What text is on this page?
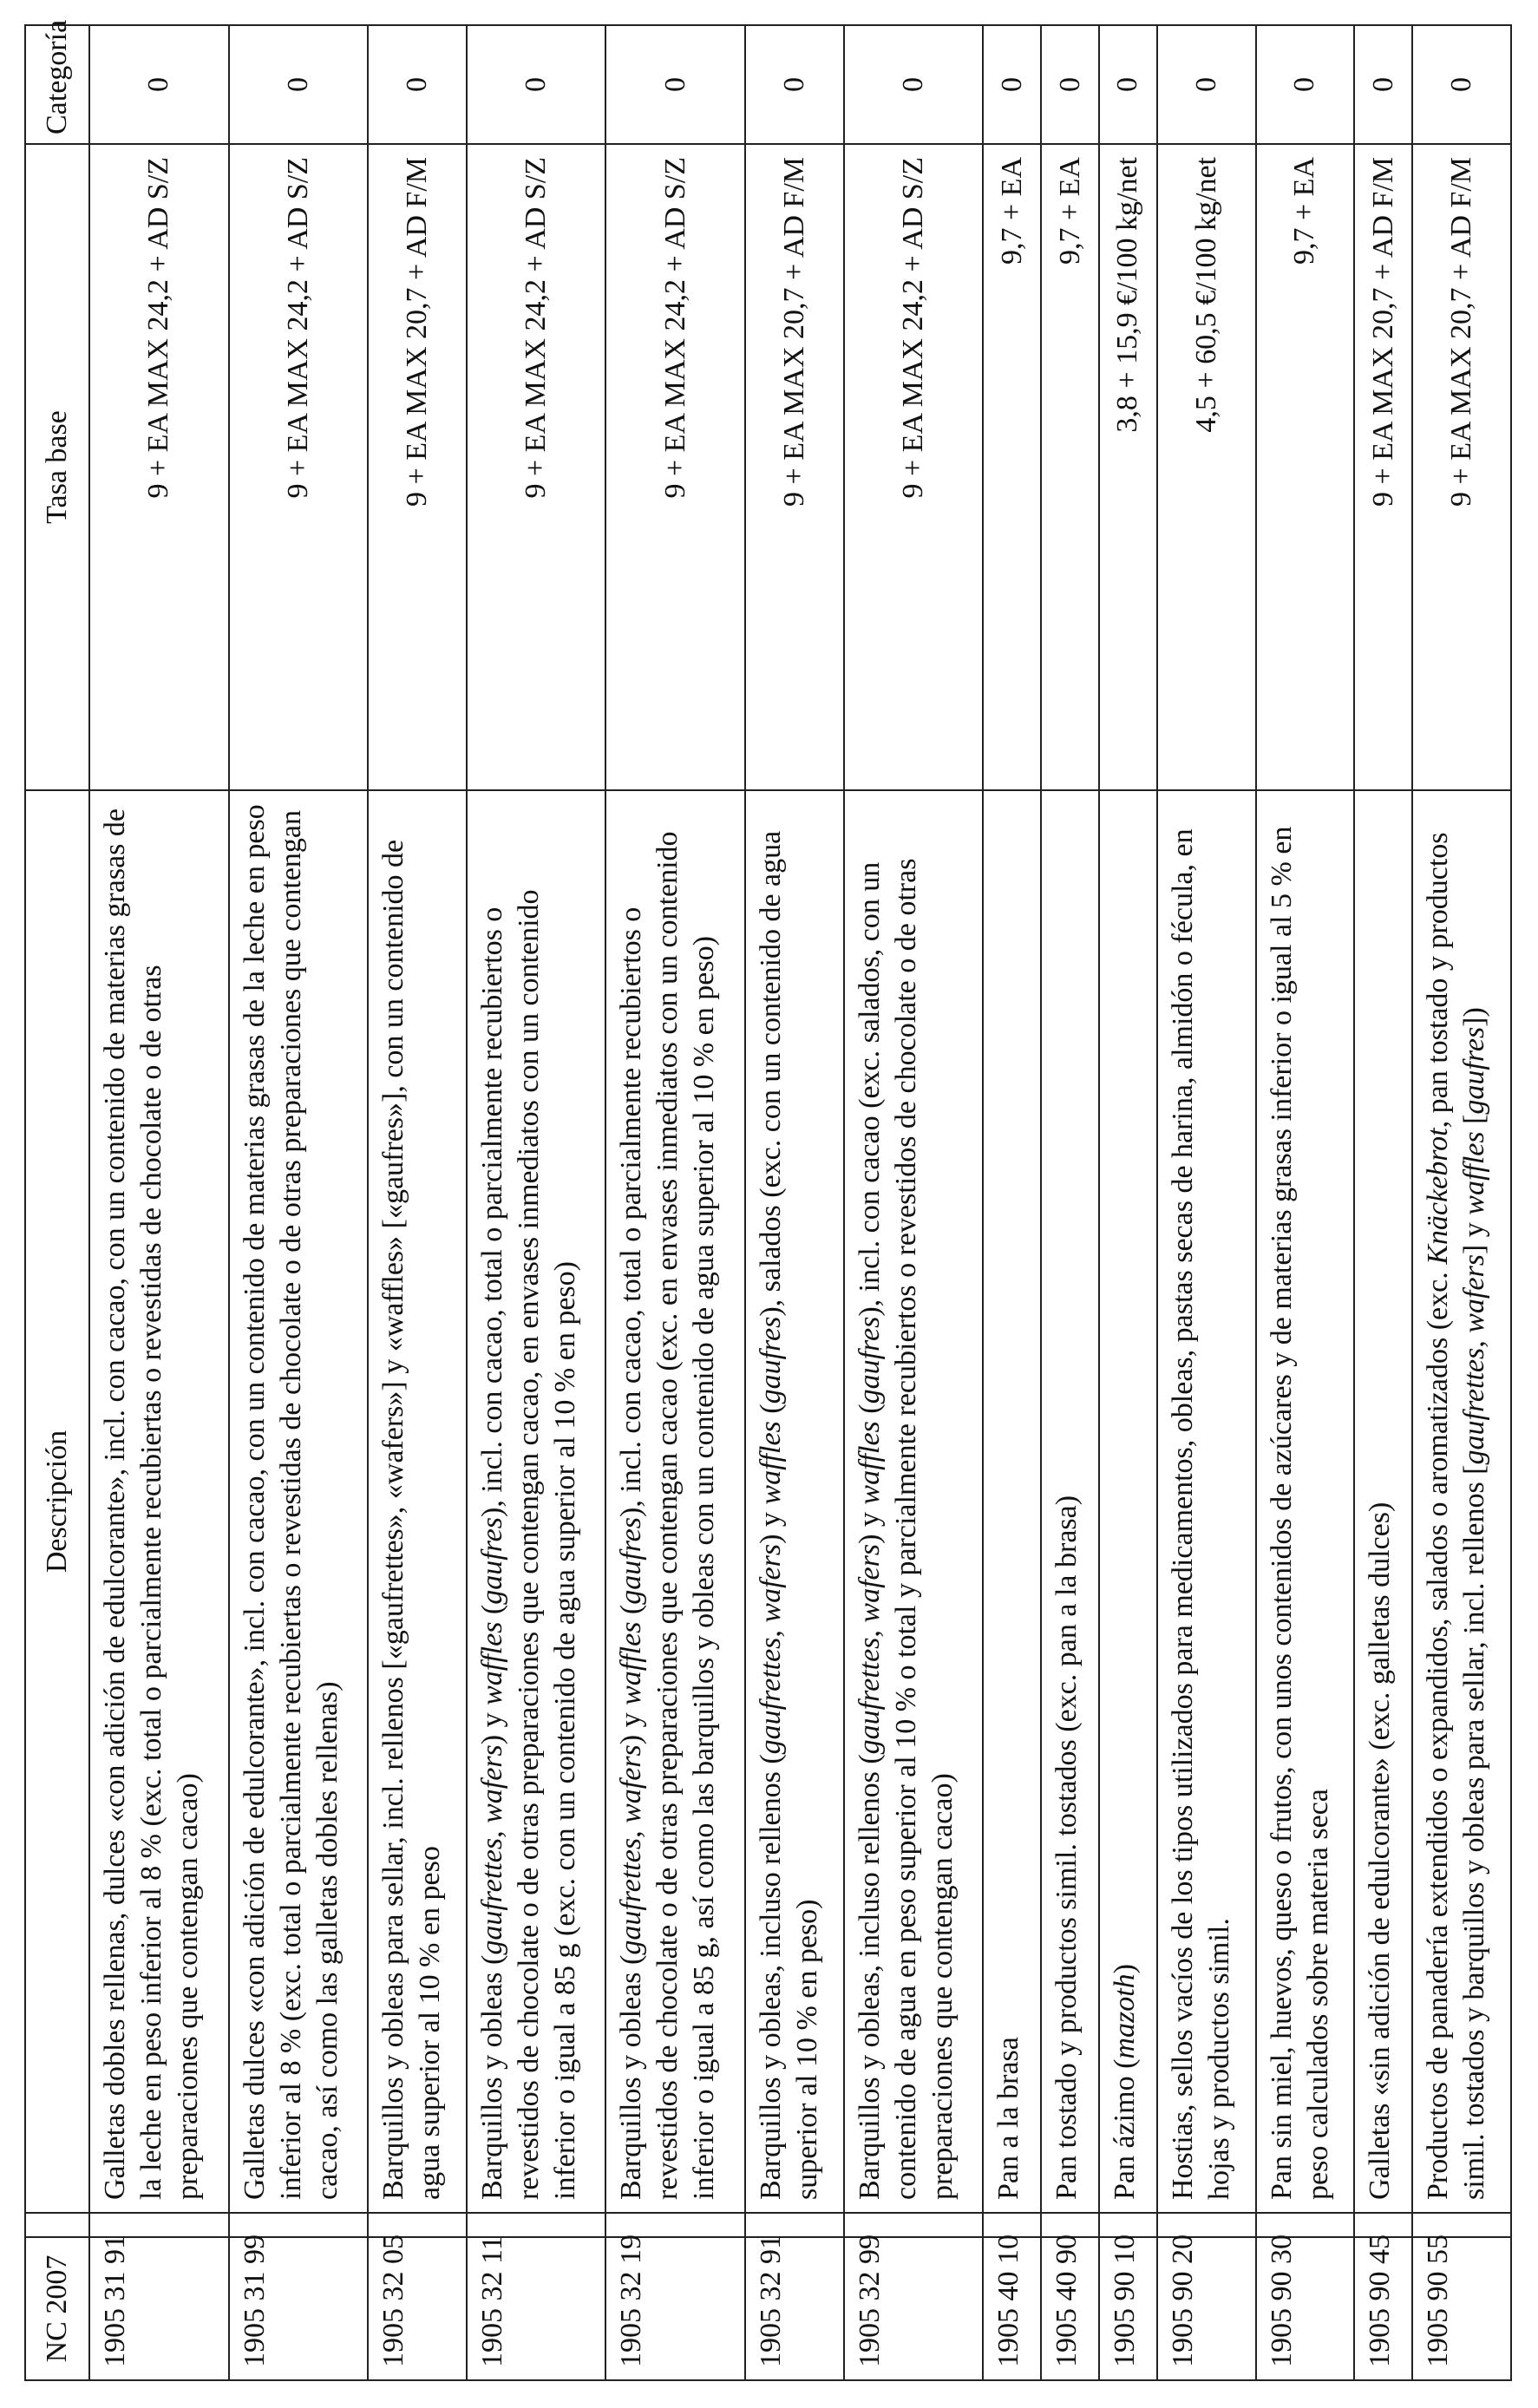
NC 2007		Descripción	Tasa base	Categoría
1905 31 91		Galletas dobles rellenas, dulces «con adición de edulcorante», incl. con cacao, con un contenido de materias grasas de la leche en peso inferior al 8 % (exc. total o parcialmente recubiertas o revestidas de chocolate o de otras preparaciones que contengan cacao)	9 + EA MAX 24,2 + AD S/Z	0
1905 31 99		Galletas dulces «con adición de edulcorante», incl. con cacao, con un contenido de materias grasas de la leche en peso inferior al 8 % (exc. total o parcialmente recubiertas o revestidas de chocolate o de otras preparaciones que contengan cacao, así como las galletas dobles rellenas)	9 + EA MAX 24,2 + AD S/Z	0
1905 32 05		Barquillos y obleas para sellar, incl. rellenos [«gaufrettes», «wafers»] y «waffles» [«gaufres»], con un contenido de agua superior al 10 % en peso	9 + EA MAX 20,7 + AD F/M	0
1905 32 11		Barquillos y obleas (gaufrettes, wafers) y waffles (gaufres), incl. con cacao, total o parcialmente recubiertos o revestidos de chocolate o de otras preparaciones que contengan cacao, en envases inmediatos con un contenido inferior o igual a 85 g (exc. con un contenido de agua superior al 10 % en peso)	9 + EA MAX 24,2 + AD S/Z	0
1905 32 19		Barquillos y obleas (gaufrettes, wafers) y waffles (gaufres), incl. con cacao, total o parcialmente recubiertos o revestidos de chocolate o de otras preparaciones que contengan cacao (exc. en envases inmediatos con un contenido inferior o igual a 85 g, así como las barquillos y obleas con un contenido de agua superior al 10 % en peso)	9 + EA MAX 24,2 + AD S/Z	0
1905 32 91		Barquillos y obleas, incluso rellenos (gaufrettes, wafers) y waffles (gaufres), salados (exc. con un contenido de agua superior al 10 % en peso)	9 + EA MAX 20,7 + AD F/M	0
1905 32 99		Barquillos y obleas, incluso rellenos (gaufrettes, wafers) y waffles (gaufres), incl. con cacao (exc. salados, con un contenido de agua en peso superior al 10 % o total y parcialmente recubiertos o revestidos de chocolate o de otras preparaciones que contengan cacao)	9 + EA MAX 24,2 + AD S/Z	0
1905 40 10		Pan a la brasa	9,7 + EA	0
1905 40 90		Pan tostado y productos simil. tostados (exc. pan a la brasa)	9,7 + EA	0
1905 90 10		Pan ázimo (mazoth)	3,8 + 15,9 €/100 kg/net	0
1905 90 20		Hostias, sellos vacíos de los tipos utilizados para medicamentos, obleas, pastas secas de harina, almidón o fécula, en hojas y productos simil.	4,5 + 60,5 €/100 kg/net	0
1905 90 30		Pan sin miel, huevos, queso o frutos, con unos contenidos de azúcares y de materias grasas inferior o igual al 5 % en peso calculados sobre materia seca	9,7 + EA	0
1905 90 45		Galletas «sin adición de edulcorante» (exc. galletas dulces)	9 + EA MAX 20,7 + AD F/M	0
1905 90 55		Productos de panadería extendidos o expandidos, salados o aromatizados (exc. Knäckebrot, pan tostado y productos simil. tostados y barquillos y obleas para sellar, incl. rellenos [gaufrettes, wafers] y waffles [gaufres])	9 + EA MAX 20,7 + AD F/M	0
